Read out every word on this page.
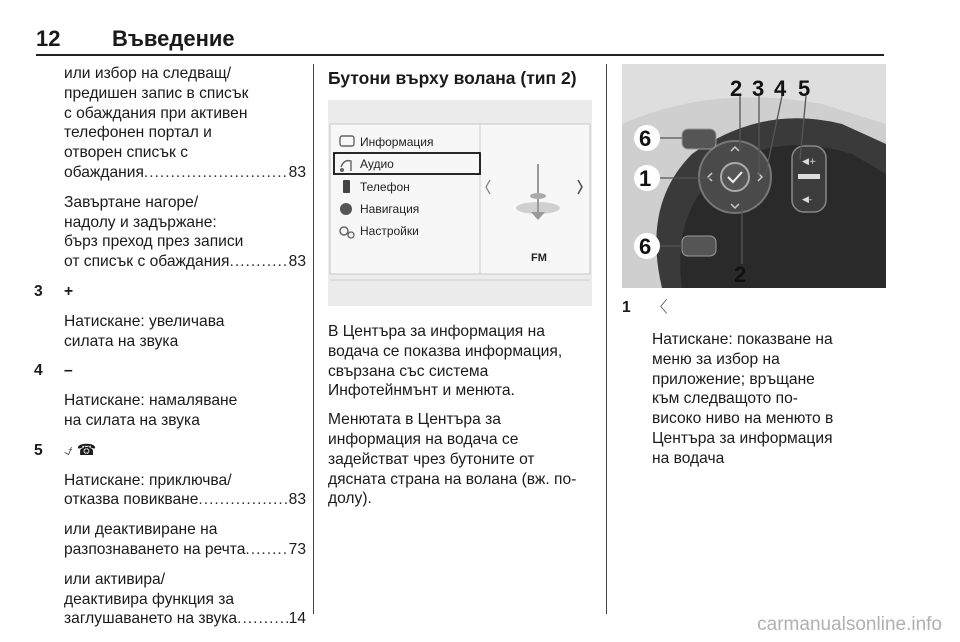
12 Въведение

или избор на следващ/
предишен запис в списък
с обаждания при активен
телефонен портал и
отворен списък с
обаждания .....	83

Завъртане нагоре/
надолу и задържане:
бърз преход през записи
от списък с обаждания .....	83

3 +

Натискане: увеличава
силата на звука

4 –

Натискане: намаляване
на силата на звука

5 ⍻ ☎

Натискане: приключва/
отказва повикване .....	83

или деактивиране на
разпознаването на речта .....	73

или активира/
деактивира функция за
заглушаването на звука .....	14

Бутони върху волана (тип 2)
Информация
Аудио
Телефон
Навигация
Настройки
FM

В Центъра за информация на
водача се показва информация,
свързана със система
Инфотейнмънт и менюта.

Менютата в Центъра за
информация на водача се
задействат чрез бутоните от
дясната страна на волана (вж. по-
долу).

◀+
◀-
1
6
6
2 3 4 5
2
1 〈
Натискане: показване на
меню за избор на
приложение; връщане
към следващото по-
високо ниво на менюто в
Центъра за информация
на водача
carmanualsonline.info
